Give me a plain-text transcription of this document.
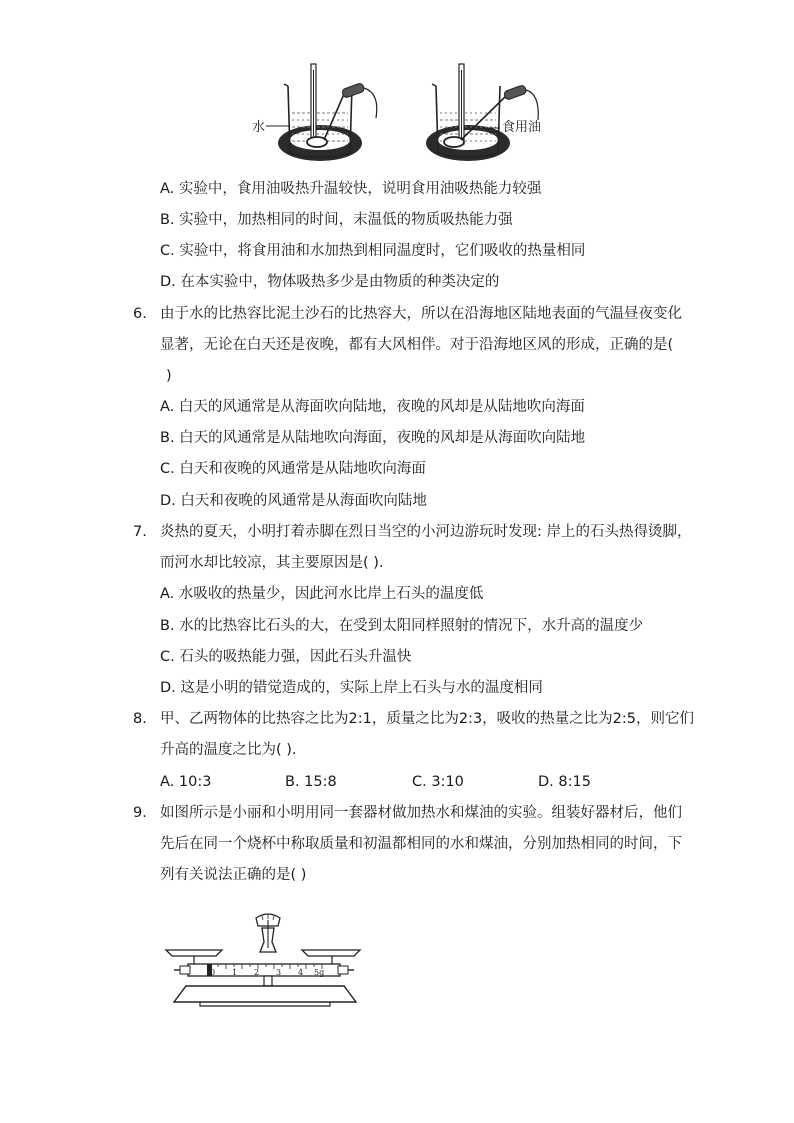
水	食用油
A. 实验中，食用油吸热升温较快，说明食用油吸热能力较强
B. 实验中，加热相同的时间，末温低的物质吸热能力强
C. 实验中，将食用油和水加热到相同温度时，它们吸收的热量相同
D. 在本实验中，物体吸热多少是由物质的种类决定的
6. 由于水的比热容比泥土沙石的比热容大，所以在沿海地区陆地表面的气温昼夜变化
显著，无论在白天还是夜晚，都有大风相伴。对于沿海地区风的形成，正确的是(
)
A. 白天的风通常是从海面吹向陆地，夜晚的风却是从陆地吹向海面
B. 白天的风通常是从陆地吹向海面，夜晚的风却是从海面吹向陆地
C. 白天和夜晚的风通常是从陆地吹向海面
D. 白天和夜晚的风通常是从海面吹向陆地
7. 炎热的夏天，小明打着赤脚在烈日当空的小河边游玩时发现: 岸上的石头热得烫脚，
而河水却比较凉，其主要原因是( ).
A. 水吸收的热量少，因此河水比岸上石头的温度低
B. 水的比热容比石头的大，在受到太阳同样照射的情况下，水升高的温度少
C. 石头的吸热能力强，因此石头升温快
D. 这是小明的错觉造成的，实际上岸上石头与水的温度相同
8. 甲、乙两物体的比热容之比为2:1，质量之比为2:3，吸收的热量之比为2:5，则它们
升高的温度之比为( ).
A. 10:3	B. 15:8	C. 3:10	D. 8:15
9. 如图所示是小丽和小明用同一套器材做加热水和煤油的实验。组装好器材后，他们
先后在同一个烧杯中称取质量和初温都相同的水和煤油，分别加热相同的时间，下
列有关说法正确的是( )
0 1 2 3 4 5g
